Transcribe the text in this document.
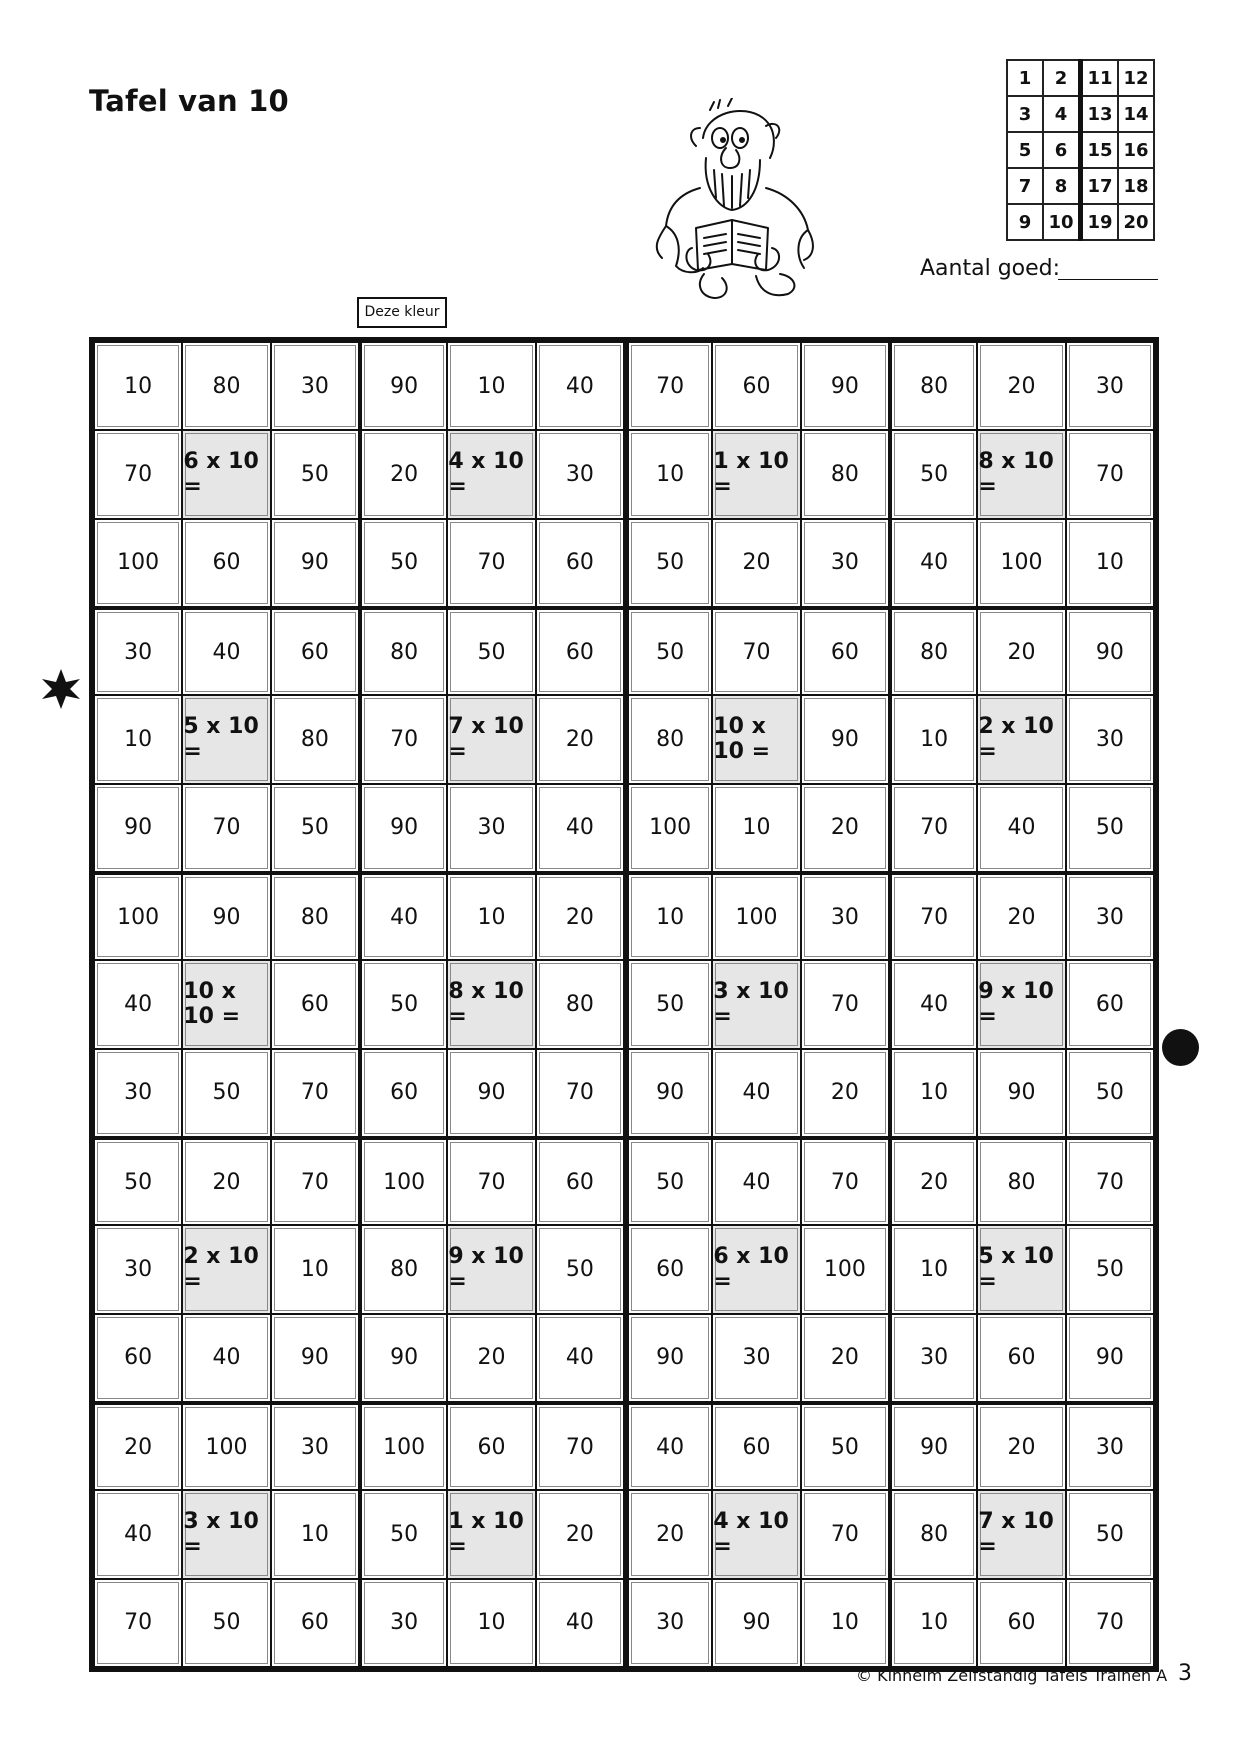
Tafel van 10
1	2	11	12
3	4	13	14
5	6	15	16
7	8	17	18
9	10	19	20
Aantal goed:
Deze kleur
10	80	30	90	10	40	70	60	90	80	20	30
70	6 x 10 =	50	20	4 x 10 =	30	10	1 x 10 =	80	50	8 x 10 =	70
100	60	90	50	70	60	50	20	30	40	100	10
30	40	60	80	50	60	50	70	60	80	20	90
10	5 x 10 =	80	70	7 x 10 =	20	80	10 x 10 =	90	10	2 x 10 =	30
90	70	50	90	30	40	100	10	20	70	40	50
100	90	80	40	10	20	10	100	30	70	20	30
40	10 x 10 =	60	50	8 x 10 =	80	50	3 x 10 =	70	40	9 x 10 =	60
30	50	70	60	90	70	90	40	20	10	90	50
50	20	70	100	70	60	50	40	70	20	80	70
30	2 x 10 =	10	80	9 x 10 =	50	60	6 x 10 =	100	10	5 x 10 =	50
60	40	90	90	20	40	90	30	20	30	60	90
20	100	30	100	60	70	40	60	50	90	20	30
40	3 x 10 =	10	50	1 x 10 =	20	20	4 x 10 =	70	80	7 x 10 =	50
70	50	60	30	10	40	30	90	10	10	60	70
© Kinheim Zelfstandig Tafels Trainen A 3
